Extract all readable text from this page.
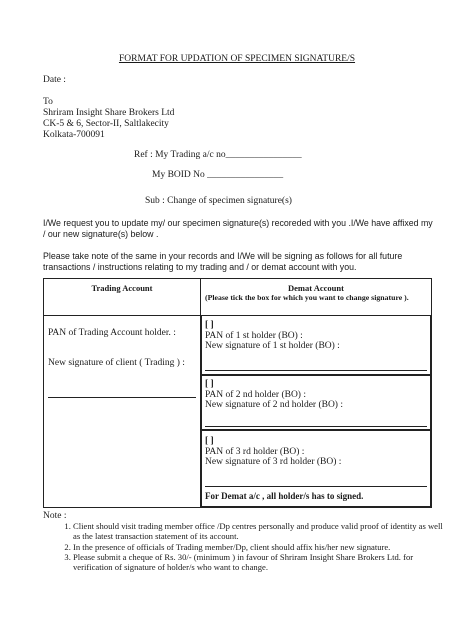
FORMAT FOR UPDATION OF SPECIMEN SIGNATURE/S
Date :
To
Shriram Insight Share Brokers Ltd
CK-5 & 6, Sector-II, Saltlakecity
Kolkata-700091
Ref : My Trading a/c no________________
My BOID No ________________
Sub : Change of specimen signature(s)
I/We request you to update my/ our specimen signature(s) recoreded with you .I/We have affixed my / our new signature(s) below .
Please take note of the same in your records and I/We will be signing as follows for all future transactions / instructions relating to my trading and / or demat account with you.
Trading Account	Demat Account
(Please tick the box for which you want to change signature ).
PAN of Trading Account holder. :
New signature of client ( Trading ) :
[ ]
PAN of 1 st holder (BO) :
New signature of 1 st holder (BO) :
[ ]
PAN of 2 nd holder (BO) :
New signature of 2 nd holder (BO) :
[ ]
PAN of 3 rd holder (BO) :
New signature of 3 rd holder (BO) :
For Demat a/c , all holder/s has to signed.
Note :
1. Client should visit trading member office /Dp centres personally and produce valid proof of identity as well as the latest transaction statement of its account.
2. In the presence of officials of Trading member/Dp, client should affix his/her new signature.
3. Please submit a cheque of Rs. 30/- (minimum ) in favour of Shriram Insight Share Brokers Ltd. for verification of signature of holder/s who want to change.
